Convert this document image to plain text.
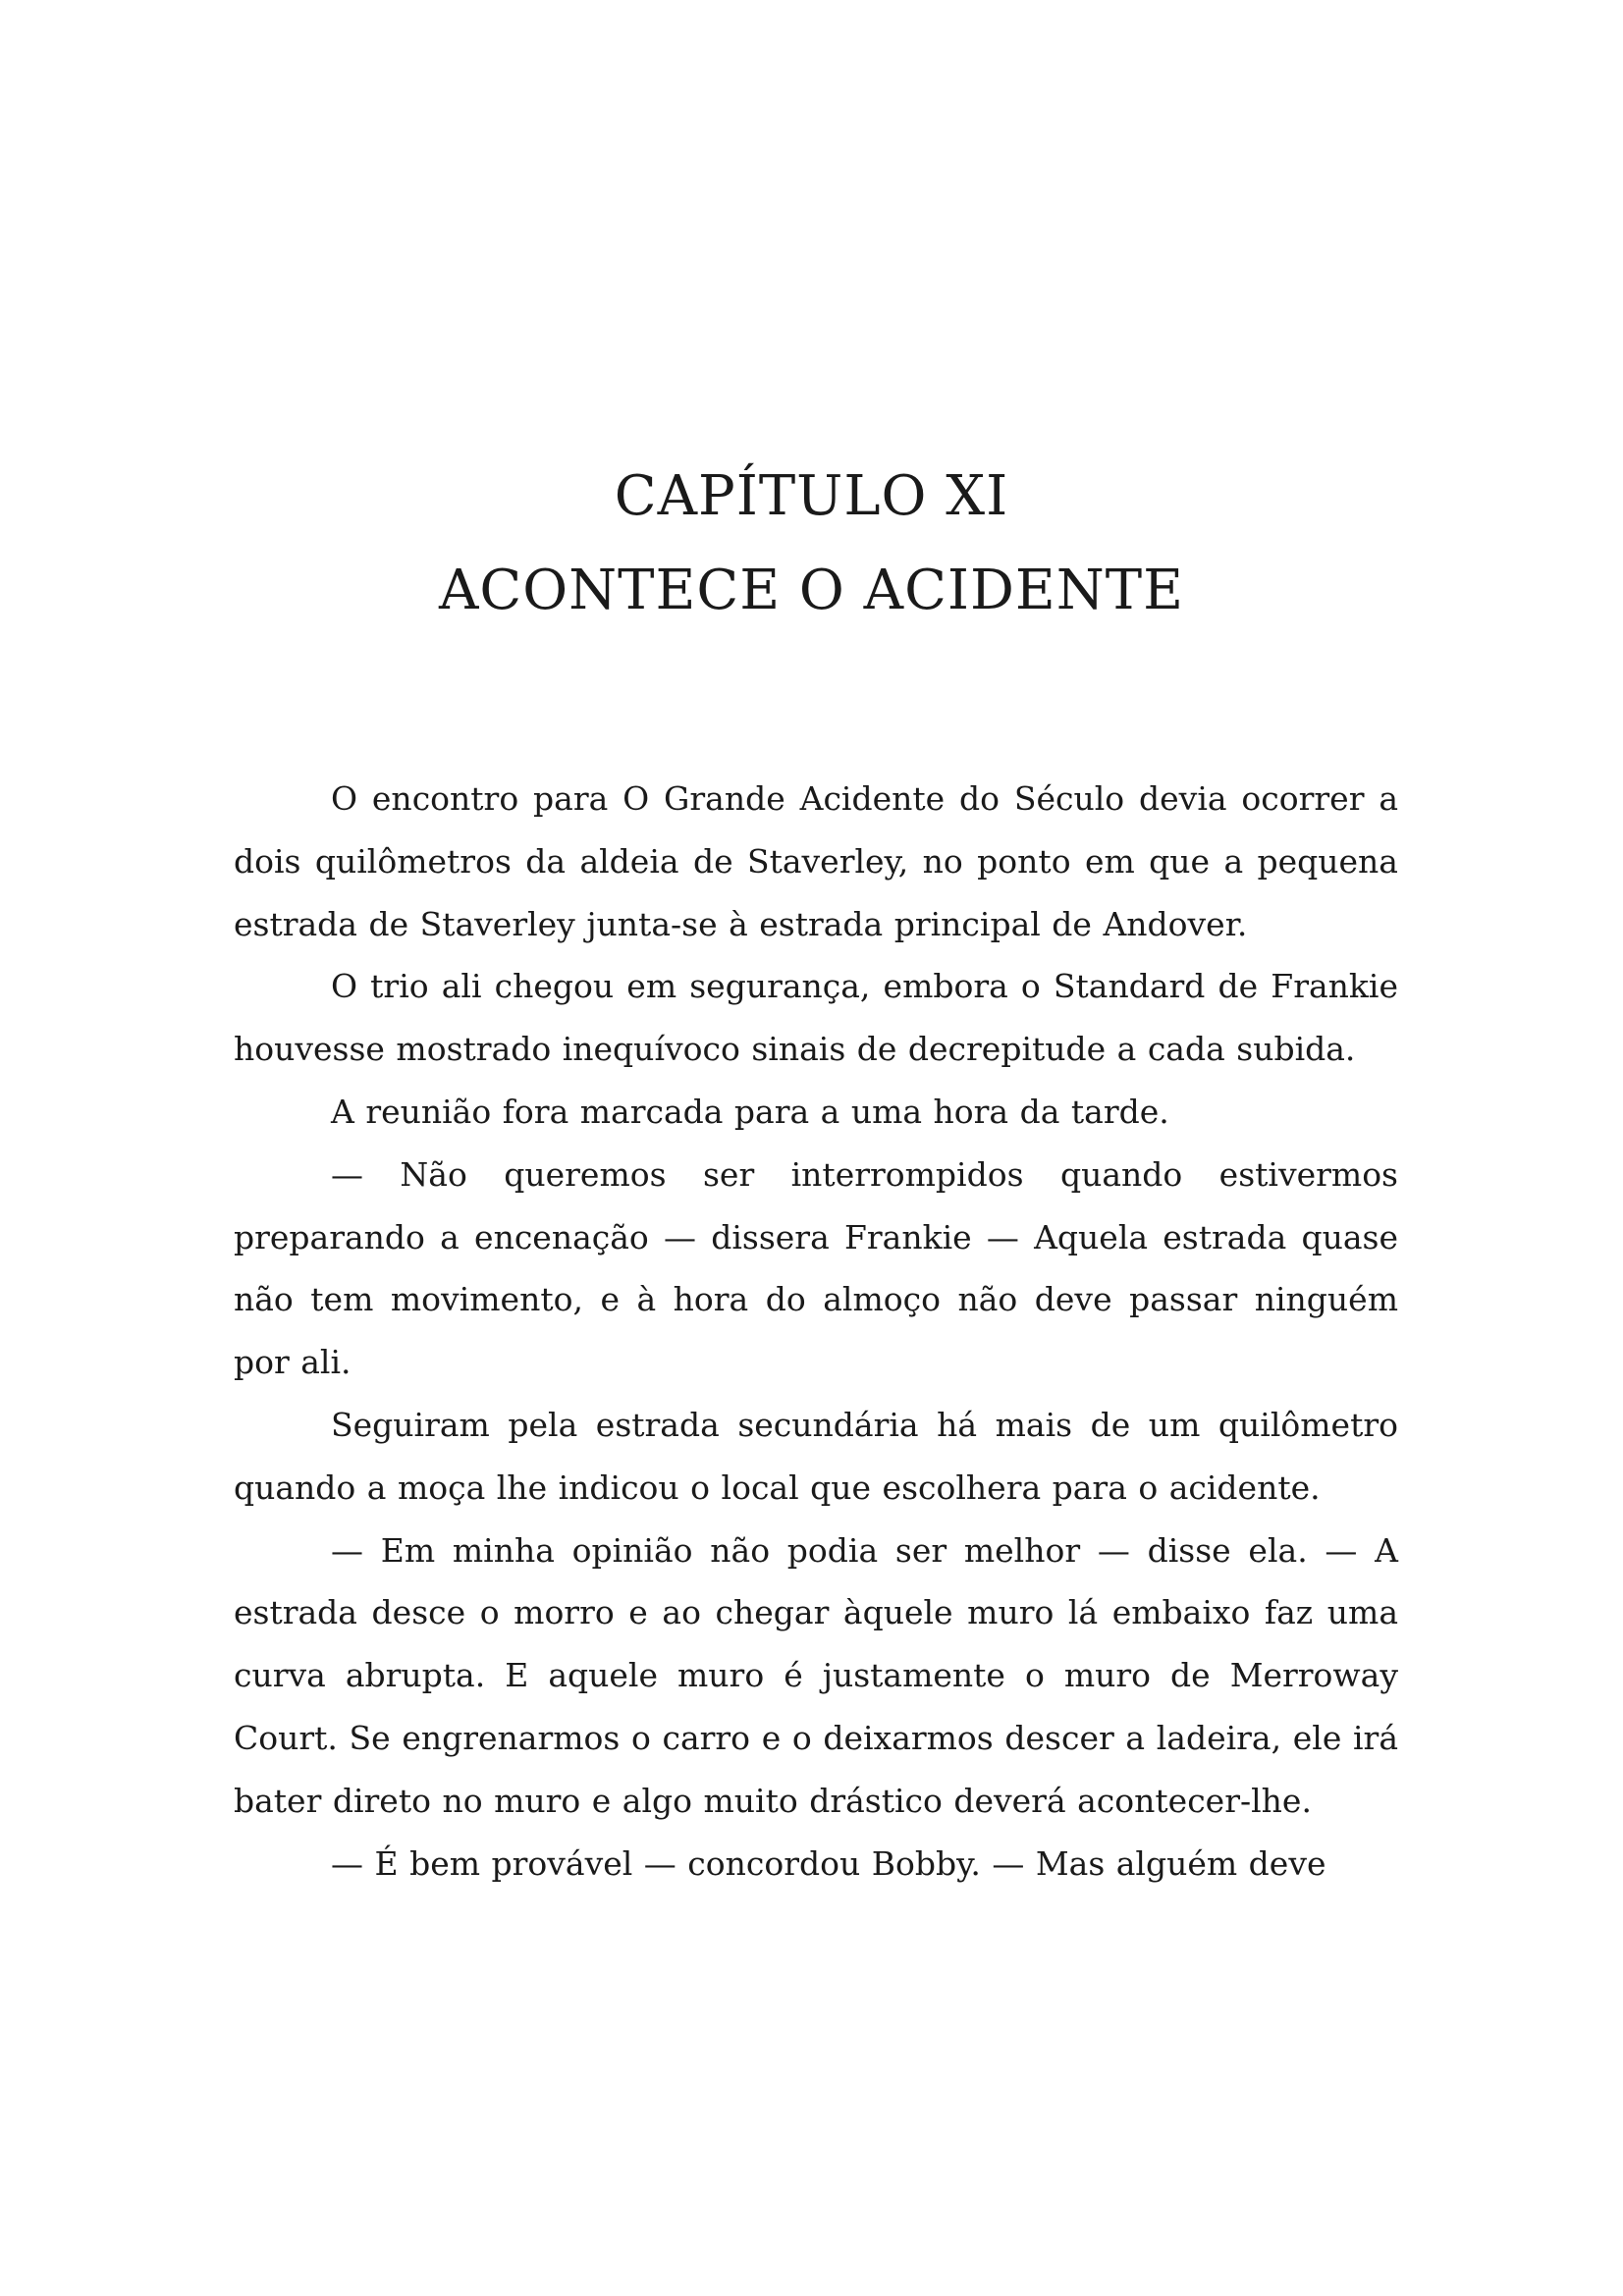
CAPÍTULO XI
ACONTECE O ACIDENTE

O encontro para O Grande Acidente do Século devia ocorrer a dois quilômetros da aldeia de Staverley, no ponto em que a pequena estrada de Staverley junta-se à estrada principal de Andover.

O trio ali chegou em segurança, embora o Standard de Frankie houvesse mostrado inequívoco sinais de decrepitude a cada subida.

A reunião fora marcada para a uma hora da tarde.

— Não queremos ser interrompidos quando estivermos preparando a encenação — dissera Frankie — Aquela estrada quase não tem movimento, e à hora do almoço não deve passar ninguém por ali.

Seguiram pela estrada secundária há mais de um quilômetro quando a moça lhe indicou o local que escolhera para o acidente.

— Em minha opinião não podia ser melhor — disse ela. — A estrada desce o morro e ao chegar àquele muro lá embaixo faz uma curva abrupta. E aquele muro é justamente o muro de Merroway Court. Se engrenarmos o carro e o deixarmos descer a ladeira, ele irá bater direto no muro e algo muito drástico deverá acontecer-lhe.

— É bem provável — concordou Bobby. — Mas alguém deve
